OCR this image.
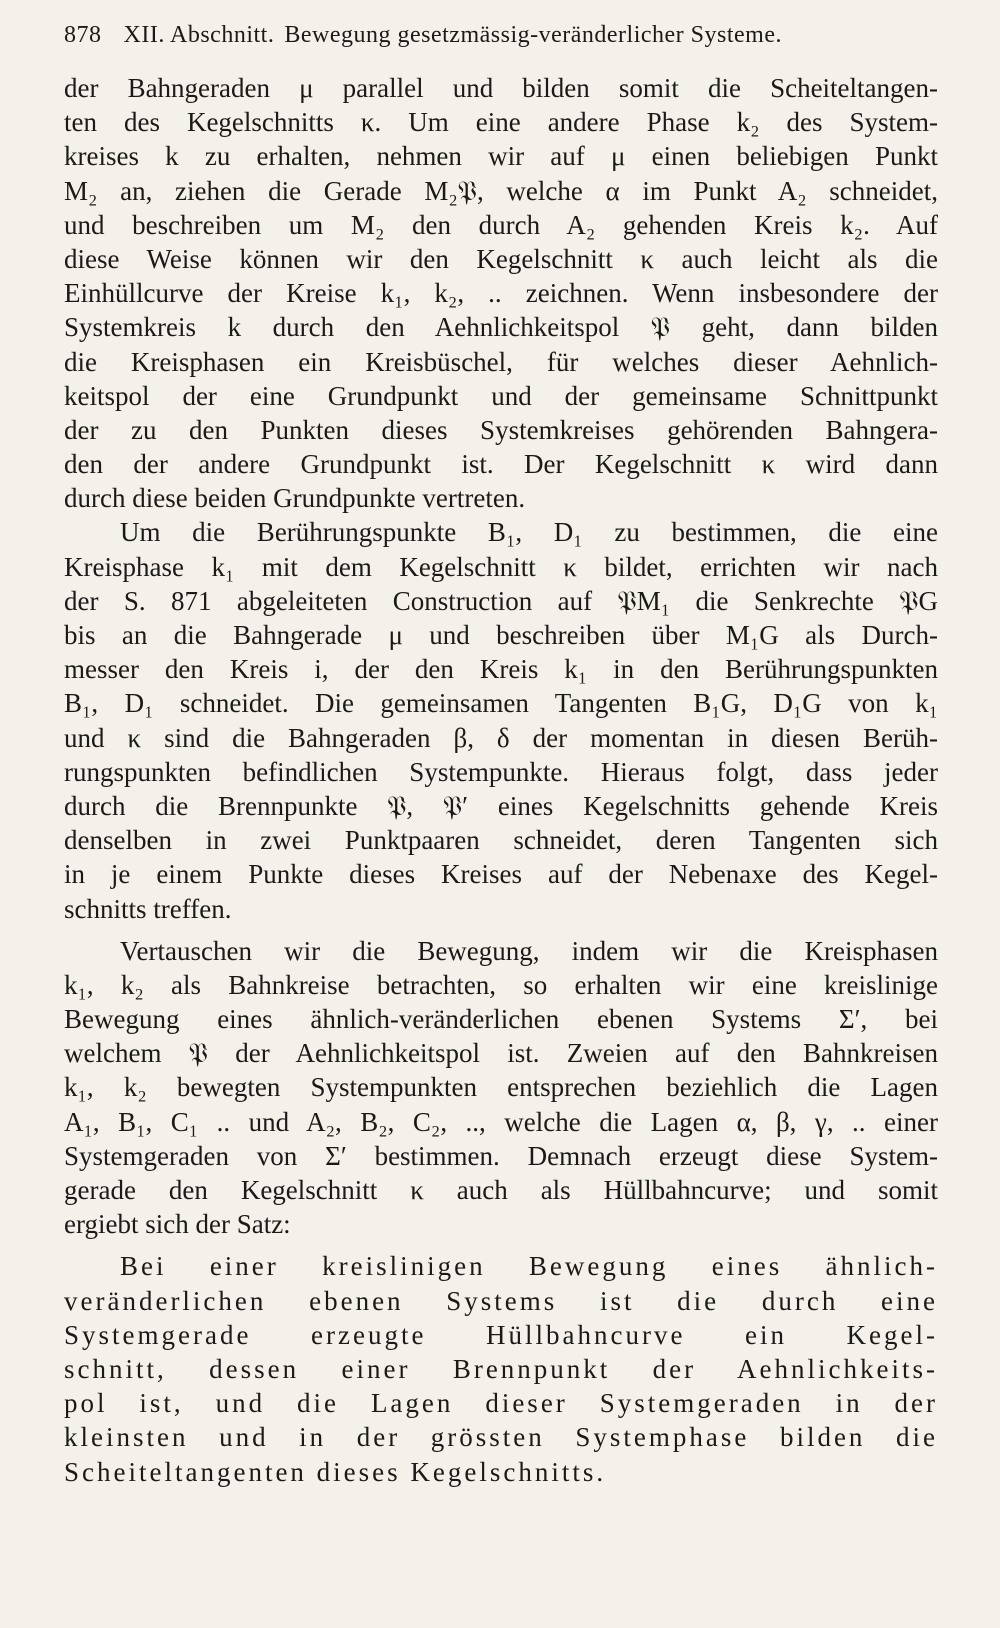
878 XII. Abschnitt. Bewegung gesetzmässig-veränderlicher Systeme.
der Bahngeraden μ parallel und bilden somit die Scheiteltangen-
ten des Kegelschnitts κ. Um eine andere Phase k₂ des System-
kreises k zu erhalten, nehmen wir auf μ einen beliebigen Punkt
M₂ an, ziehen die Gerade M₂𝔓, welche α im Punkt A₂ schneidet,
und beschreiben um M₂ den durch A₂ gehenden Kreis k₂. Auf
diese Weise können wir den Kegelschnitt κ auch leicht als die
Einhüllcurve der Kreise k₁, k₂, .. zeichnen. Wenn insbesondere der
Systemkreis k durch den Aehnlichkeitspol 𝔓 geht, dann bilden
die Kreisphasen ein Kreisbüschel, für welches dieser Aehnlich-
keitspol der eine Grundpunkt und der gemeinsame Schnittpunkt
der zu den Punkten dieses Systemkreises gehörenden Bahngera-
den der andere Grundpunkt ist. Der Kegelschnitt κ wird dann
durch diese beiden Grundpunkte vertreten.
Um die Berührungspunkte B₁, D₁ zu bestimmen, die eine
Kreisphase k₁ mit dem Kegelschnitt κ bildet, errichten wir nach
der S. 871 abgeleiteten Construction auf 𝔓M₁ die Senkrechte 𝔓G
bis an die Bahngerade μ und beschreiben über M₁G als Durch-
messer den Kreis i, der den Kreis k₁ in den Berührungspunkten
B₁, D₁ schneidet. Die gemeinsamen Tangenten B₁G, D₁G von k₁
und κ sind die Bahngeraden β, δ der momentan in diesen Berüh-
rungspunkten befindlichen Systempunkte. Hieraus folgt, dass jeder
durch die Brennpunkte 𝔓, 𝔓′ eines Kegelschnitts gehende Kreis
denselben in zwei Punktpaaren schneidet, deren Tangenten sich
in je einem Punkte dieses Kreises auf der Nebenaxe des Kegel-
schnitts treffen.
Vertauschen wir die Bewegung, indem wir die Kreisphasen
k₁, k₂ als Bahnkreise betrachten, so erhalten wir eine kreislinige
Bewegung eines ähnlich-veränderlichen ebenen Systems Σ′, bei
welchem 𝔓 der Aehnlichkeitspol ist. Zweien auf den Bahnkreisen
k₁, k₂ bewegten Systempunkten entsprechen beziehlich die Lagen
A₁, B₁, C₁ .. und A₂, B₂, C₂, .., welche die Lagen α, β, γ, .. einer
Systemgeraden von Σ′ bestimmen. Demnach erzeugt diese System-
gerade den Kegelschnitt κ auch als Hüllbahncurve; und somit
ergiebt sich der Satz:
Bei einer kreislinigen Bewegung eines ähnlich-
veränderlichen ebenen Systems ist die durch eine
Systemgerade erzeugte Hüllbahncurve ein Kegel-
schnitt, dessen einer Brennpunkt der Aehnlichkeits-
pol ist, und die Lagen dieser Systemgeraden in der
kleinsten und in der grössten Systemphase bilden die
Scheiteltangenten dieses Kegelschnitts.
